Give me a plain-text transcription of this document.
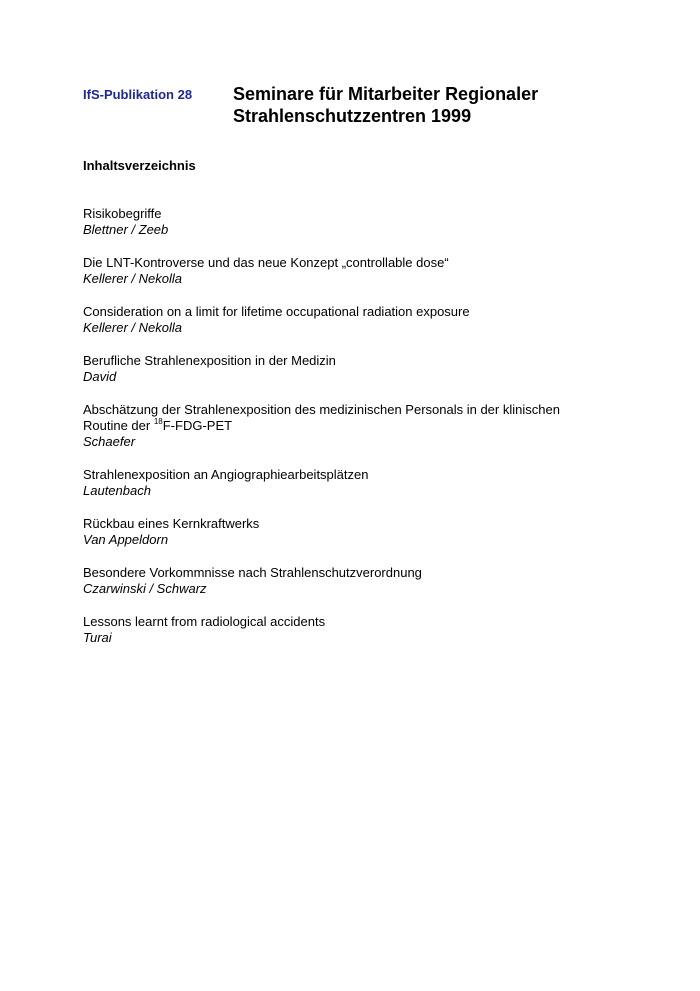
IfS-Publikation 28 Seminare für Mitarbeiter Regionaler
Strahlenschutzzentren 1999
Inhaltsverzeichnis
Risikobegriffe
Blettner / Zeeb
Die LNT-Kontroverse und das neue Konzept „controllable dose“
Kellerer / Nekolla
Consideration on a limit for lifetime occupational radiation exposure
Kellerer / Nekolla
Berufliche Strahlenexposition in der Medizin
David
Abschätzung der Strahlenexposition des medizinischen Personals in der klinischen
Routine der $^{18}$F-FDG-PET
Schaefer
Strahlenexposition an Angiographiearbeitsplätzen
Lautenbach
Rückbau eines Kernkraftwerks
Van Appeldorn
Besondere Vorkommnisse nach Strahlenschutzverordnung
Czarwinski / Schwarz
Lessons learnt from radiological accidents
Turai
